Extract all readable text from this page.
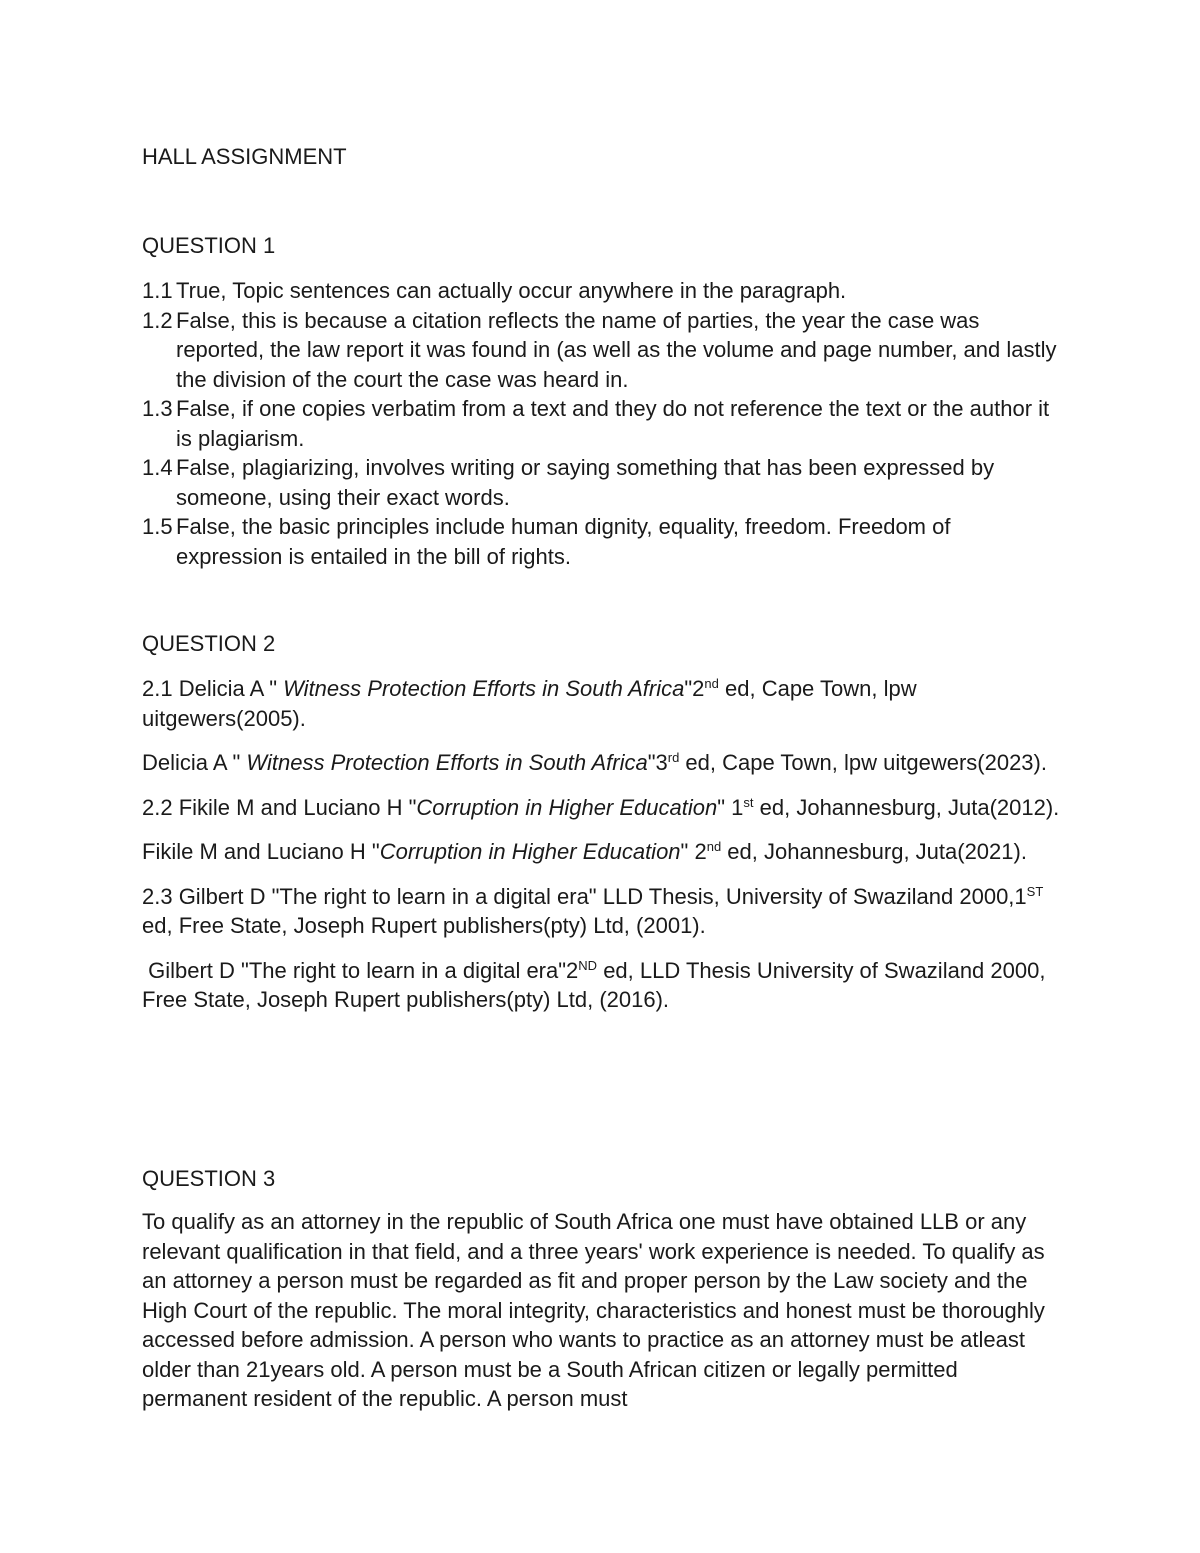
HALL ASSIGNMENT
QUESTION 1
1.1 True, Topic sentences can actually occur anywhere in the paragraph.
1.2 False, this is because a citation reflects the name of parties, the year the case was reported, the law report it was found in (as well as the volume and page number, and lastly the division of the court the case was heard in.
1.3 False, if one copies verbatim from a text and they do not reference the text or the author it is plagiarism.
1.4 False, plagiarizing, involves writing or saying something that has been expressed by someone, using their exact words.
1.5 False, the basic principles include human dignity, equality, freedom. Freedom of expression is entailed in the bill of rights.
QUESTION 2

2.1 Delicia A " Witness Protection Efforts in South Africa"2nd ed, Cape Town, lpw uitgewers(2005).

Delicia A " Witness Protection Efforts in South Africa"3rd ed, Cape Town, lpw uitgewers(2023).

2.2 Fikile M and Luciano H "Corruption in Higher Education" 1st ed, Johannesburg, Juta(2012).

Fikile M and Luciano H "Corruption in Higher Education" 2nd ed, Johannesburg, Juta(2021).

2.3 Gilbert D "The right to learn in a digital era" LLD Thesis, University of Swaziland 2000,1ST ed, Free State, Joseph Rupert publishers(pty) Ltd, (2001).

Gilbert D "The right to learn in a digital era"2ND ed, LLD Thesis University of Swaziland 2000, Free State, Joseph Rupert publishers(pty) Ltd, (2016).

QUESTION 3

To qualify as an attorney in the republic of South Africa one must have obtained LLB or any relevant qualification in that field, and a three years' work experience is needed. To qualify as an attorney a person must be regarded as fit and proper person by the Law society and the High Court of the republic. The moral integrity, characteristics and honest must be thoroughly accessed before admission. A person who wants to practice as an attorney must be atleast older than 21years old. A person must be a South African citizen or legally permitted permanent resident of the republic. A person must
